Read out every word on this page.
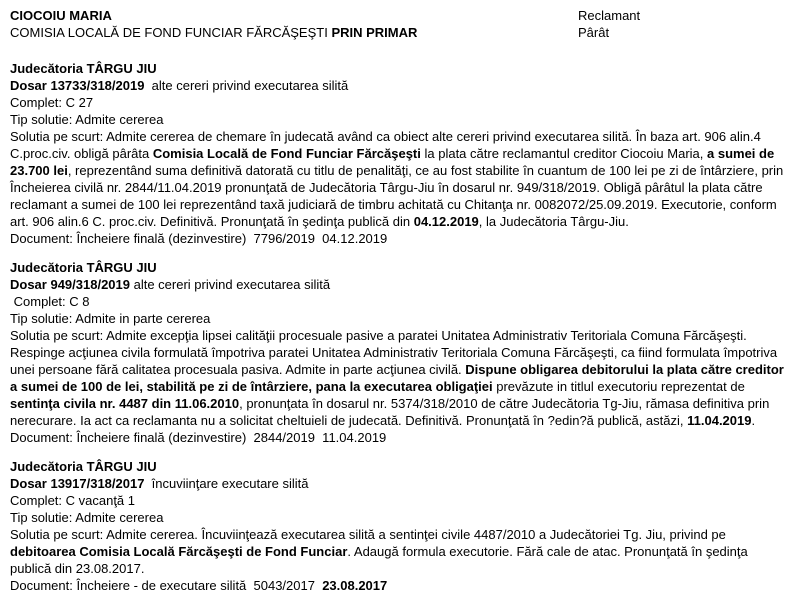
CIOCOIU MARIA	Reclamant
COMISIA LOCALĂ DE FOND FUNCIAR FĂRCĂŞEŞTI PRIN PRIMAR	Pârât
Judecătoria TÂRGU JIU
Dosar 13733/318/2019  alte cereri privind executarea silită
Complet: C 27
Tip solutie: Admite cererea
Solutia pe scurt: Admite cererea de chemare în judecată având ca obiect alte cereri privind executarea silită. În baza art. 906 alin.4 C.proc.civ. obligă pârâta Comisia Locală de Fond Funciar Fărcăşeşti la plata către reclamantul creditor Ciocoiu Maria, a sumei de 23.700 lei, reprezentând suma definitivă datorată cu titlu de penalităţi, ce au fost stabilite în cuantum de 100 lei pe zi de întârziere, prin Încheierea civilă nr. 2844/11.04.2019 pronunţată de Judecătoria Târgu-Jiu în dosarul nr. 949/318/2019. Obligă pârâtul la plata către reclamant a sumei de 100 lei reprezentând taxă judiciară de timbru achitată cu Chitanţa nr. 0082072/25.09.2019. Executorie, conform art. 906 alin.6 C. proc.civ. Definitivă. Pronunţată în şedinţa publică din 04.12.2019, la Judecătoria Târgu-Jiu.
Document: Încheiere finală (dezinvestire)  7796/2019  04.12.2019
Judecătoria TÂRGU JIU
Dosar 949/318/2019 alte cereri privind executarea silită
Complet: C 8
Tip solutie: Admite in parte cererea
Solutia pe scurt: Admite excepţia lipsei calităţii procesuale pasive a paratei Unitatea Administrativ Teritoriala Comuna Fărcăşeşti. Respinge acţiunea civila formulată împotriva paratei Unitatea Administrativ Teritoriala Comuna Fărcăşeşti, ca fiind formulata împotriva unei persoane fără calitatea procesuala pasiva. Admite in parte acţiunea civilă. Dispune obligarea debitorului la plata către creditor a sumei de 100 de lei, stabilită pe zi de întârziere, pana la executarea obligaţiei prevăzute in titlul executoriu reprezentat de sentinţa civila nr. 4487 din 11.06.2010, pronunţata în dosarul nr. 5374/318/2010 de către Judecătoria Tg-Jiu, rămasa definitiva prin nerecurare. Ia act ca reclamanta nu a solicitat cheltuieli de judecată. Definitivă. Pronunţată în ?edin?ă publică, astăzi, 11.04.2019.
Document: Încheiere finală (dezinvestire)  2844/2019  11.04.2019
Judecătoria TÂRGU JIU
Dosar 13917/318/2017  încuviinţare executare silită
Complet: C vacanţă 1
Tip solutie: Admite cererea
Solutia pe scurt: Admite cererea. Încuviinţează executarea silită a sentinţei civile 4487/2010 a Judecătoriei Tg. Jiu, privind pe debitoarea Comisia Locală Fărcăşeşti de Fond Funciar. Adaugă formula executorie. Fără cale de atac. Pronunţată în şedinţa publică din 23.08.2017.
Document: Încheiere - de executare silită  5043/2017  23.08.2017
